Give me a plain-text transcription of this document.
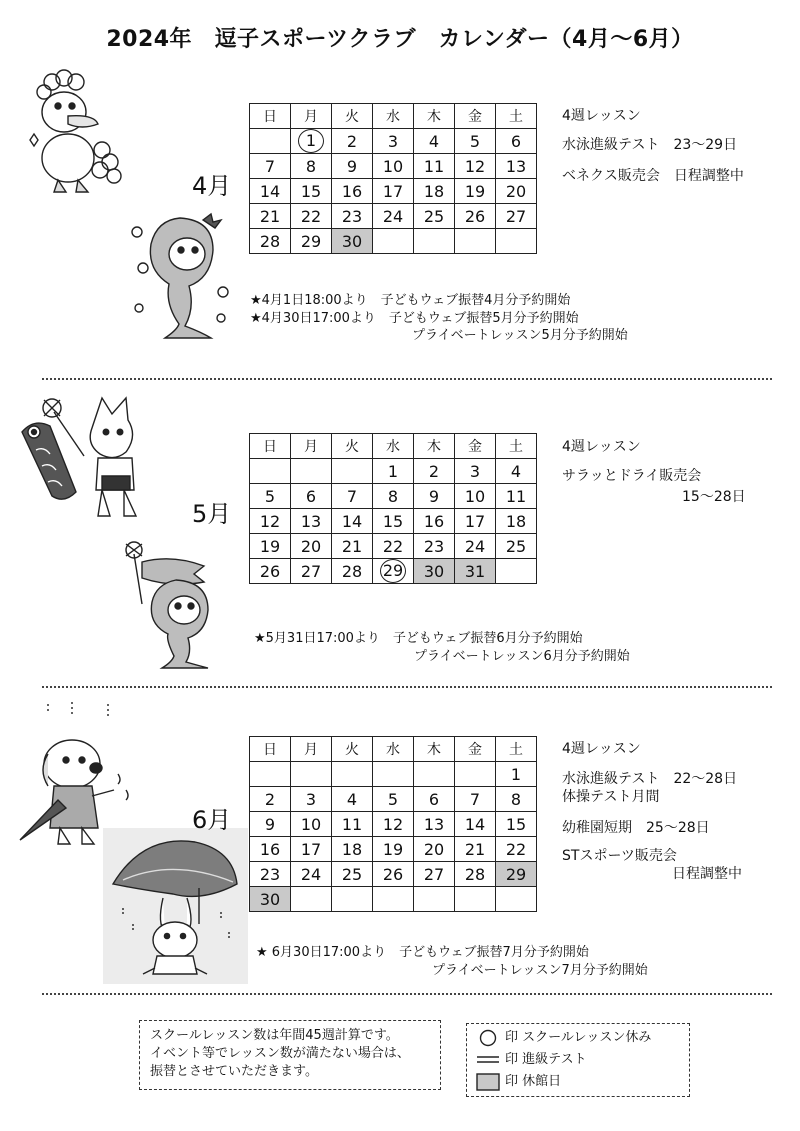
2024年　逗子スポーツクラブ　カレンダー（4月～6月）
4月
日	月	火	水	木	金	土
	1	2	3	4	5	6
7	8	9	10	11	12	13
14	15	16	17	18	19	20
21	22	23	24	25	26	27
28	29	30				
4週レッスン
水泳進級テスト　23～29日
ベネクス販売会　日程調整中
★4月1日18:00より　子どもウェブ振替4月分予約開始
★4月30日17:00より　子どもウェブ振替5月分予約開始
プライベートレッスン5月分予約開始
5月
日	月	火	水	木	金	土
			1	2	3	4
5	6	7	8	9	10	11
12	13	14	15	16	17	18
19	20	21	22	23	24	25
26	27	28	29	30	31	
4週レッスン
サラッとドライ販売会
15～28日
★5月31日17:00より　子どもウェブ振替6月分予約開始
プライベートレッスン6月分予約開始
6月
日	月	火	水	木	金	土
						1
2	3	4	5	6	7	8
9	10	11	12	13	14	15
16	17	18	19	20	21	22
23	24	25	26	27	28	29
30						
4週レッスン
水泳進級テスト　22～28日
体操テスト月間
幼稚園短期　25～28日
STスポーツ販売会
日程調整中
★ 6月30日17:00より　子どもウェブ振替7月分予約開始
プライベートレッスン7月分予約開始
スクールレッスン数は年間45週計算です。
イベント等でレッスン数が満たない場合は、
振替とさせていただきます。
印 スクールレッスン休み
印 進級テスト
印 休館日
